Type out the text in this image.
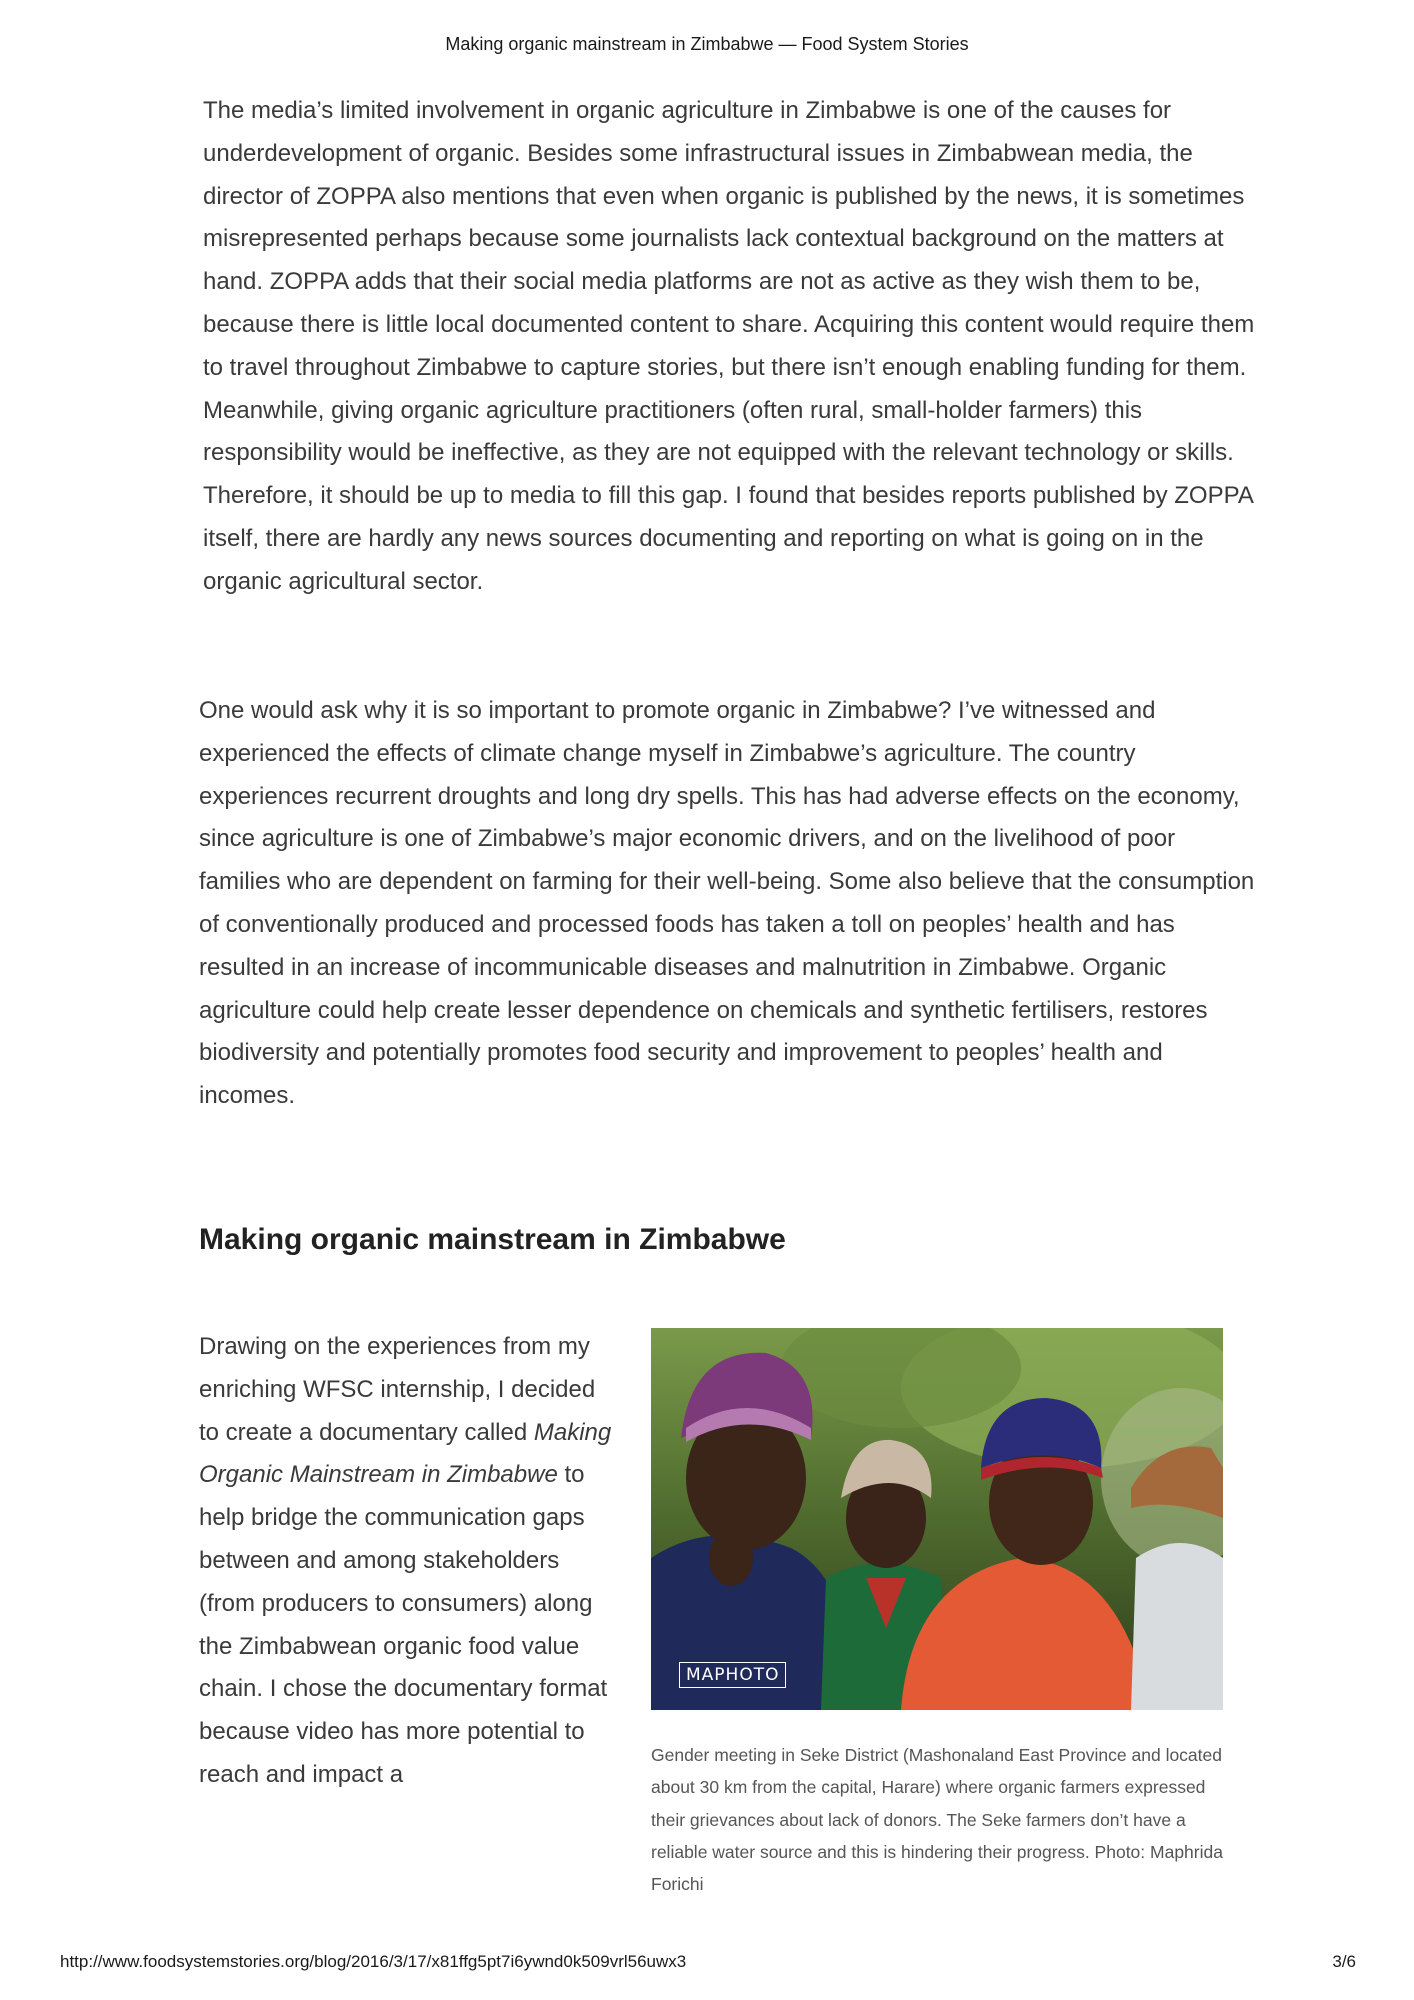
Making organic mainstream in Zimbabwe — Food System Stories

The media’s limited involvement in organic agriculture in Zimbabwe is one of the causes for underdevelopment of organic. Besides some infrastructural issues in Zimbabwean media, the director of ZOPPA also mentions that even when organic is published by the news, it is sometimes misrepresented perhaps because some journalists lack contextual background on the matters at hand. ZOPPA adds that their social media platforms are not as active as they wish them to be, because there is little local documented content to share. Acquiring this content would require them to travel throughout Zimbabwe to capture stories, but there isn’t enough enabling funding for them. Meanwhile, giving organic agriculture practitioners (often rural, small-holder farmers) this responsibility would be ineffective, as they are not equipped with the relevant technology or skills. Therefore, it should be up to media to fill this gap. I found that besides reports published by ZOPPA itself, there are hardly any news sources documenting and reporting on what is going on in the organic agricultural sector.

One would ask why it is so important to promote organic in Zimbabwe? I’ve witnessed and experienced the effects of climate change myself in Zimbabwe’s agriculture. The country experiences recurrent droughts and long dry spells. This has had adverse effects on the economy, since agriculture is one of Zimbabwe’s major economic drivers, and on the livelihood of poor families who are dependent on farming for their well-being. Some also believe that the consumption of conventionally produced and processed foods has taken a toll on peoples’ health and has resulted in an increase of incommunicable diseases and malnutrition in Zimbabwe. Organic agriculture could help create lesser dependence on chemicals and synthetic fertilisers, restores biodiversity and potentially promotes food security and improvement to peoples’ health and incomes.

Making organic mainstream in Zimbabwe

Drawing on the experiences from my enriching WFSC internship, I decided to create a documentary called Making Organic Mainstream in Zimbabwe to help bridge the communication gaps between and among stakeholders (from producers to consumers) along the Zimbabwean organic food value chain. I chose the documentary format because video has more potential to reach and impact a

MAPHOTO

Gender meeting in Seke District (Mashonaland East Province and located about 30 km from the capital, Harare) where organic farmers expressed their grievances about lack of donors. The Seke farmers don’t have a reliable water source and this is hindering their progress. Photo: Maphrida Forichi

http://www.foodsystemstories.org/blog/2016/3/17/x81ffg5pt7i6ywnd0k509vrl56uwx3	3/6
